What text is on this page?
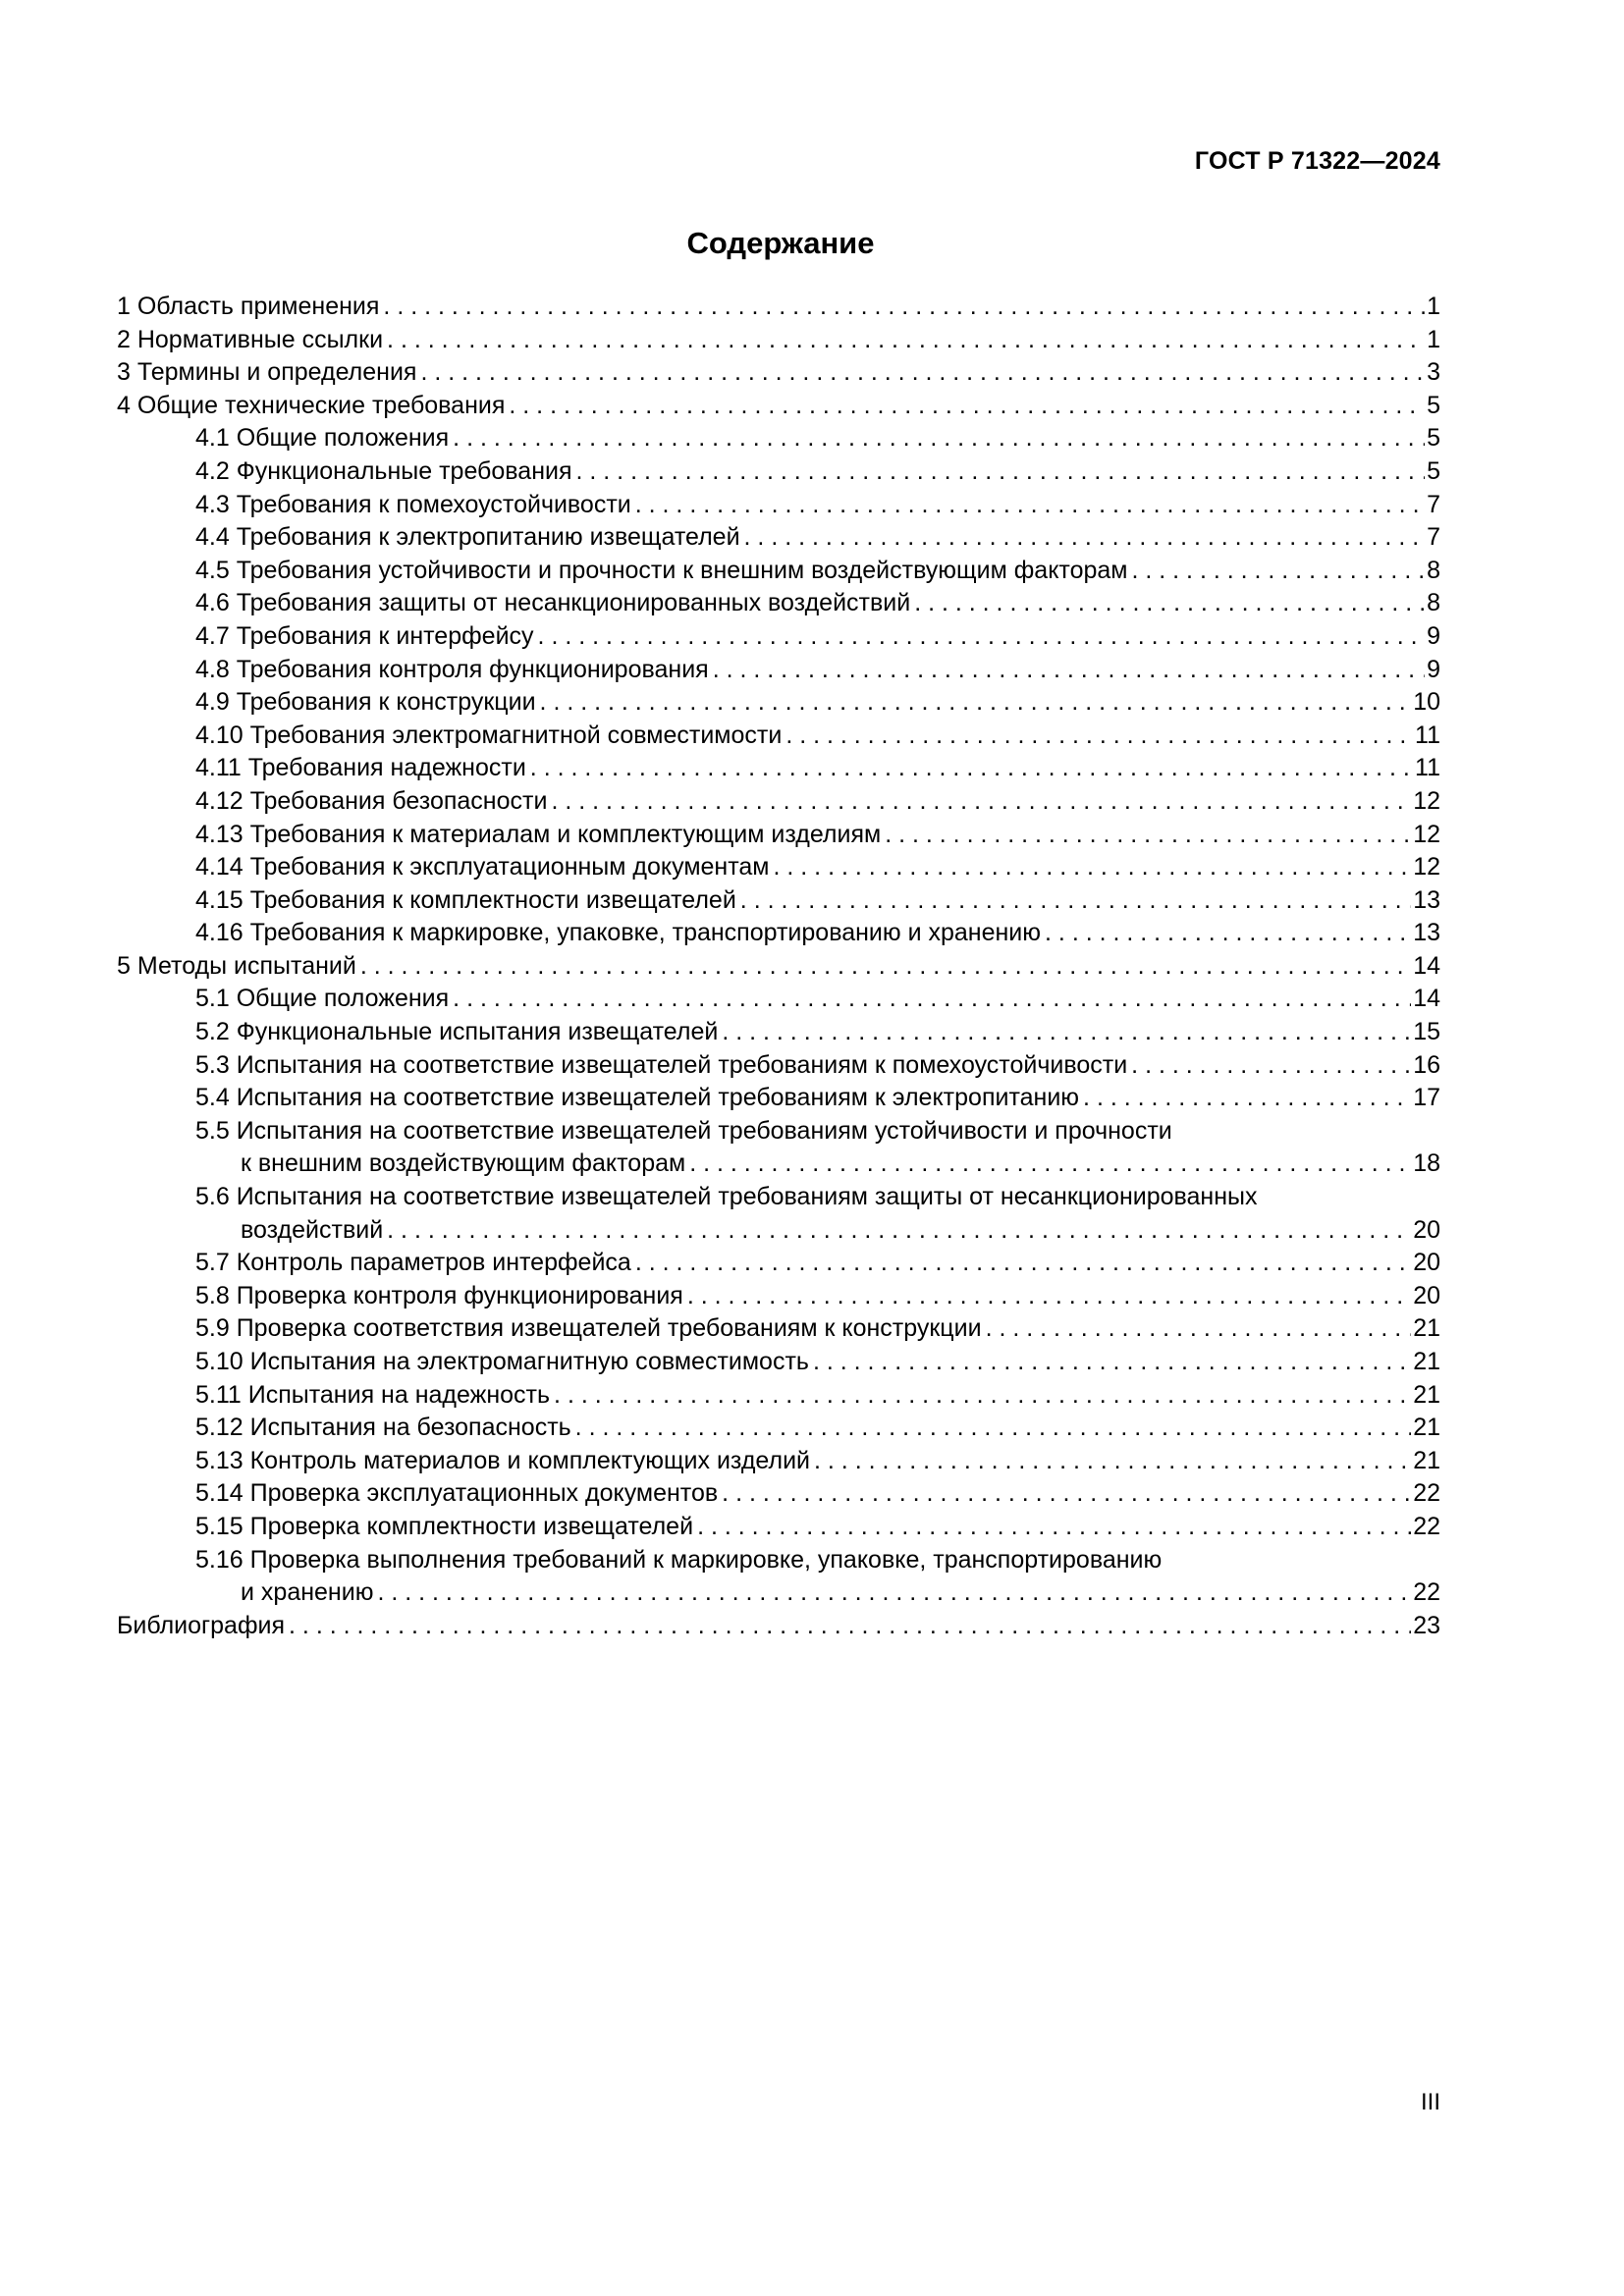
ГОСТ Р 71322—2024
Содержание
1 Область применения . . .	1
2 Нормативные ссылки . . .	1
3 Термины и определения . . .	3
4 Общие технические требования . . .	5
4.1 Общие положения . . .	5
4.2 Функциональные требования . . .	5
4.3 Требования к помехоустойчивости . . .	7
4.4 Требования к электропитанию извещателей . . .	7
4.5 Требования устойчивости и прочности к внешним воздействующим факторам . . .	8
4.6 Требования защиты от несанкционированных воздействий . . .	8
4.7 Требования к интерфейсу . . .	9
4.8 Требования контроля функционирования . . .	9
4.9 Требования к конструкции . . .	10
4.10 Требования электромагнитной совместимости . . .	11
4.11 Требования надежности . . .	11
4.12 Требования безопасности . . .	12
4.13 Требования к материалам и комплектующим изделиям . . .	12
4.14 Требования к эксплуатационным документам . . .	12
4.15 Требования к комплектности извещателей . . .	13
4.16 Требования к маркировке, упаковке, транспортированию и хранению . . .	13
5 Методы испытаний . . .	14
5.1 Общие положения . . .	14
5.2 Функциональные испытания извещателей . . .	15
5.3 Испытания на соответствие извещателей требованиям к помехоустойчивости . . .	16
5.4 Испытания на соответствие извещателей требованиям к электропитанию . . .	17
5.5 Испытания на соответствие извещателей требованиям устойчивости и прочности
к внешним воздействующим факторам . . .	18
5.6 Испытания на соответствие извещателей требованиям защиты от несанкционированных
воздействий . . .	20
5.7 Контроль параметров интерфейса . . .	20
5.8 Проверка контроля функционирования . . .	20
5.9 Проверка соответствия извещателей требованиям к конструкции . . .	21
5.10 Испытания на электромагнитную совместимость . . .	21
5.11 Испытания на надежность . . .	21
5.12 Испытания на безопасность . . .	21
5.13 Контроль материалов и комплектующих изделий . . .	21
5.14 Проверка эксплуатационных документов . . .	22
5.15 Проверка комплектности извещателей . . .	22
5.16 Проверка выполнения требований к маркировке, упаковке, транспортированию
и хранению . . .	22
Библиография . . .	23
III
